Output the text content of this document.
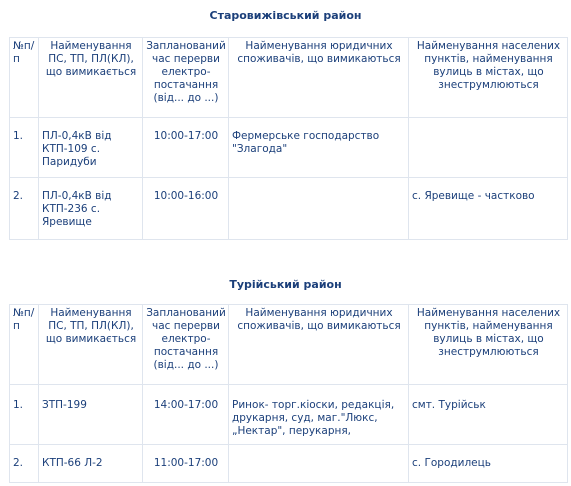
Старовижівський район
№п/п	Найменування ПС, ТП, ПЛ(КЛ), що вимикається	Запланований час перерви електро-постачання (від... до ...)	Найменування юридичних споживачів, що вимикаються	Найменування населених пунктів, найменування вулиць в містах, що знеструмлюються
1.	ПЛ-0,4кВ від КТП-109 с. Паридуби	10:00-17:00	Фермерське господарство "Злагода"	
2.	ПЛ-0,4кВ від КТП-236 с. Яревище	10:00-16:00		с. Яревище - частково
Турійський район
№п/п	Найменування ПС, ТП, ПЛ(КЛ), що вимикається	Запланований час перерви електро-постачання (від... до ...)	Найменування юридичних споживачів, що вимикаються	Найменування населених пунктів, найменування вулиць в містах, що знеструмлюються
1.	ЗТП-199	14:00-17:00	Ринок- торг.кіоски, редакція, друкарня, суд, маг."Люкс, „Нектар", перукарня,	смт. Турійськ
2.	КТП-66 Л-2	11:00-17:00		с. Городилець
